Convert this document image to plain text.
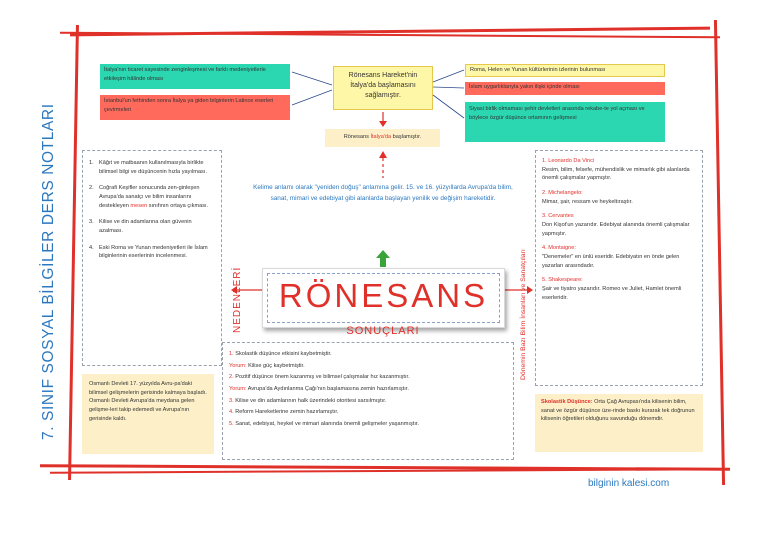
7. SINIF SOSYAL BİLGİLER DERS NOTLARI
İtalya'nın ticaret sayesinde zenginleşmesi ve farklı medeniyetlerle etkileşim hâlinde olması
İstanbul'un fethinden sonra İtalya ya giden bilginlerin Latince eserleri çevirmeleri
Rönesans Hareket'nin İtalya'da başlamasını sağlamıştır.
Roma, Helen ve Yunan kültürlerinin izlerinin bulunması
İslam uygarlıklarıyla yakın ilişki içinde olması
Siyasi birlik olmaması şehir devletleri arasında rekabe-te yol açması ve böylece özgür düşünce ortamının gelişmesi
Rönesans İtalya'da başlamıştır.
Kelime anlamı olarak "yeniden doğuş" anlamına gelir. 15. ve 16. yüzyıllarda Avrupa'da bilim, sanat, mimari ve edebiyat gibi alanlarda başlayan yenilik ve değişim hareketidir.
RÖNESANS
NEDENLERİ
1. Kâğıt ve matbaanın kullanılmasıyla birlikte bilimsel bilgi ve düşüncenin hızla yayılması.
2. Coğrafi Keşifler sonucunda zen-ginleşen Avrupa'da sanatçı ve bilim insanlarını destekleyen mesen sınıfının ortaya çıkması.
3. Kilise ve din adamlarına olan güvenin azalması.
4. Eski Roma ve Yunan medeniyetleri ile İslam bilginlerinin eserlerinin incelenmesi.
Osmanlı Devleti 17. yüzyılda Avru-pa'daki bilimsel gelişmelerin gerisinde kalmaya başladı. Osmanlı Devleti Avrupa'da meydana gelen gelişme-leri takip edemedi ve Avrupa'nın gerisinde kaldı.
SONUÇLARI
1. Skolastik düşünce etkisini kaybetmiştir.
Yorum: Kilise güç kaybetmiştir.
2. Pozitif düşünce önem kazanmış ve bilimsel çalışmalar hız kazanmıştır.
Yorum: Avrupa'da Aydınlanma Çağı'nın başlamasına zemin hazırlamıştır.
3. Kilise ve din adamlarının halk üzerindeki otoritesi sarsılmıştır.
4. Reform Hareketlerine zemin hazırlamıştır.
5. Sanat, edebiyat, heykel ve mimari alanında önemli gelişmeler yaşanmıştır.
Dönemin Bazı Bilim İnsanları ve Sanatçıları
1. Leonardo Da Vinci
Resim, bilim, felsefe, mühendislik ve mimarlık gibi alanlarda önemli çalışmalar yapmıştır.
2. Michelangelo:
Mimar, şair, ressam ve heykeltıraştır.
3. Cervantes
Don Kişot'un yazarıdır. Edebiyat alanında önemli çalışmalar yapmıştır.
4. Montaigne:
"Denemeler" en ünlü eseridir. Edebiyatın en önde gelen yazarları arasındadır.
5. Shakespeare:
Şair ve tiyatro yazarıdır. Romeo ve Juliet, Hamlet önemli eserleridir.
Skolastik Düşünce: Orta Çağ Avrupası'nda kilisenin bilim, sanat ve özgür düşünce üze-rinde baskı kurarak tek doğrunun kilisenin öğretileri olduğunu savunduğu dönemdir.
bilginin kalesi.com
